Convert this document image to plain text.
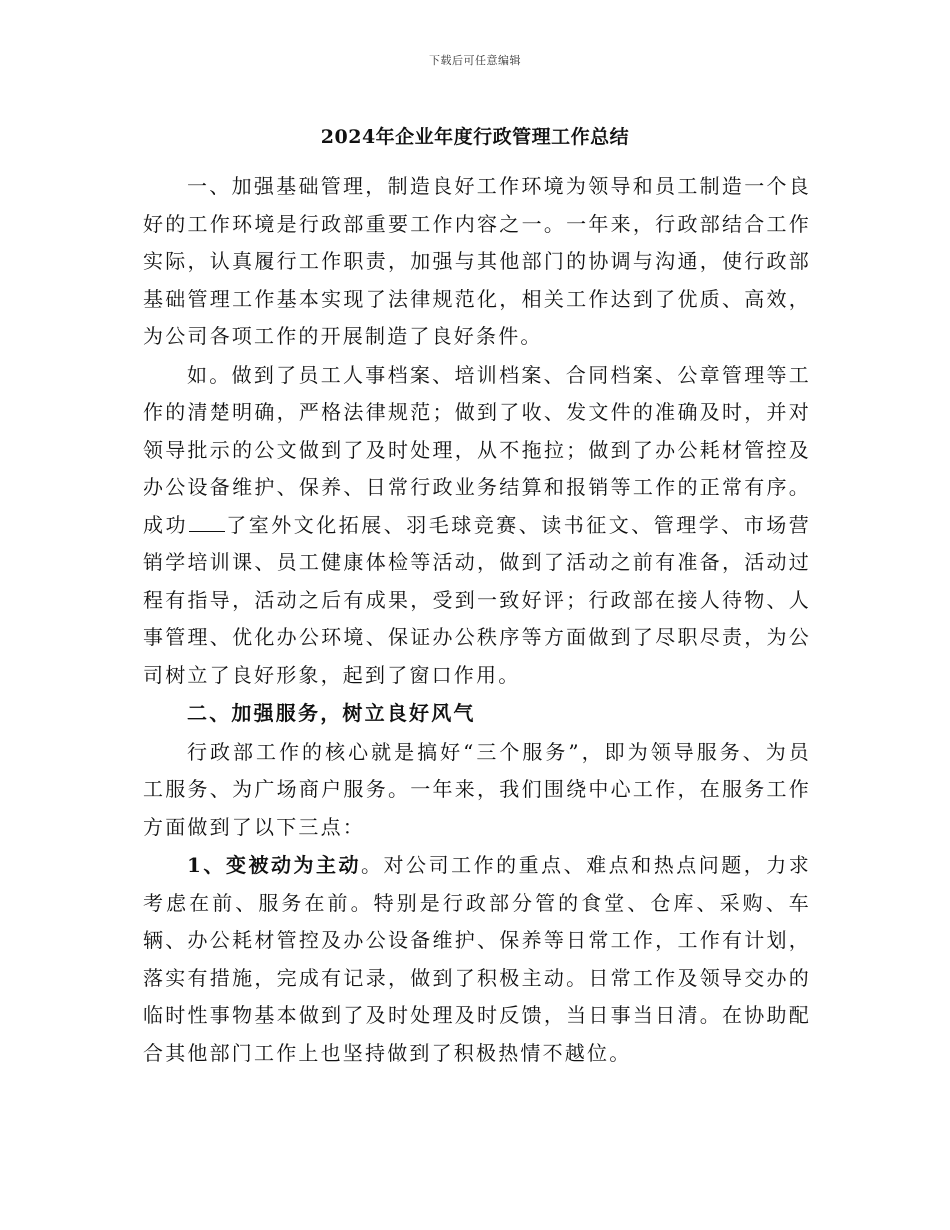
下载后可任意编辑
2024年企业年度行政管理工作总结

一、加强基础管理，制造良好工作环境为领导和员工制造一个良好的工作环境是行政部重要工作内容之一。一年来，行政部结合工作实际，认真履行工作职责，加强与其他部门的协调与沟通，使行政部基础管理工作基本实现了法律规范化，相关工作达到了优质、高效，为公司各项工作的开展制造了良好条件。

如。做到了员工人事档案、培训档案、合同档案、公章管理等工作的清楚明确，严格法律规范；做到了收、发文件的准确及时，并对领导批示的公文做到了及时处理，从不拖拉；做到了办公耗材管控及办公设备维护、保养、日常行政业务结算和报销等工作的正常有序。成功 了室外文化拓展、羽毛球竞赛、读书征文、管理学、市场营销学培训课、员工健康体检等活动，做到了活动之前有准备，活动过程有指导，活动之后有成果，受到一致好评；行政部在接人待物、人事管理、优化办公环境、保证办公秩序等方面做到了尽职尽责，为公司树立了良好形象，起到了窗口作用。

二、加强服务，树立良好风气

行政部工作的核心就是搞好“三个服务”，即为领导服务、为员工服务、为广场商户服务。一年来，我们围绕中心工作，在服务工作方面做到了以下三点：

1、变被动为主动。对公司工作的重点、难点和热点问题，力求考虑在前、服务在前。特别是行政部分管的食堂、仓库、采购、车辆、办公耗材管控及办公设备维护、保养等日常工作，工作有计划，落实有措施，完成有记录，做到了积极主动。日常工作及领导交办的临时性事物基本做到了及时处理及时反馈，当日事当日清。在协助配合其他部门工作上也坚持做到了积极热情不越位。
